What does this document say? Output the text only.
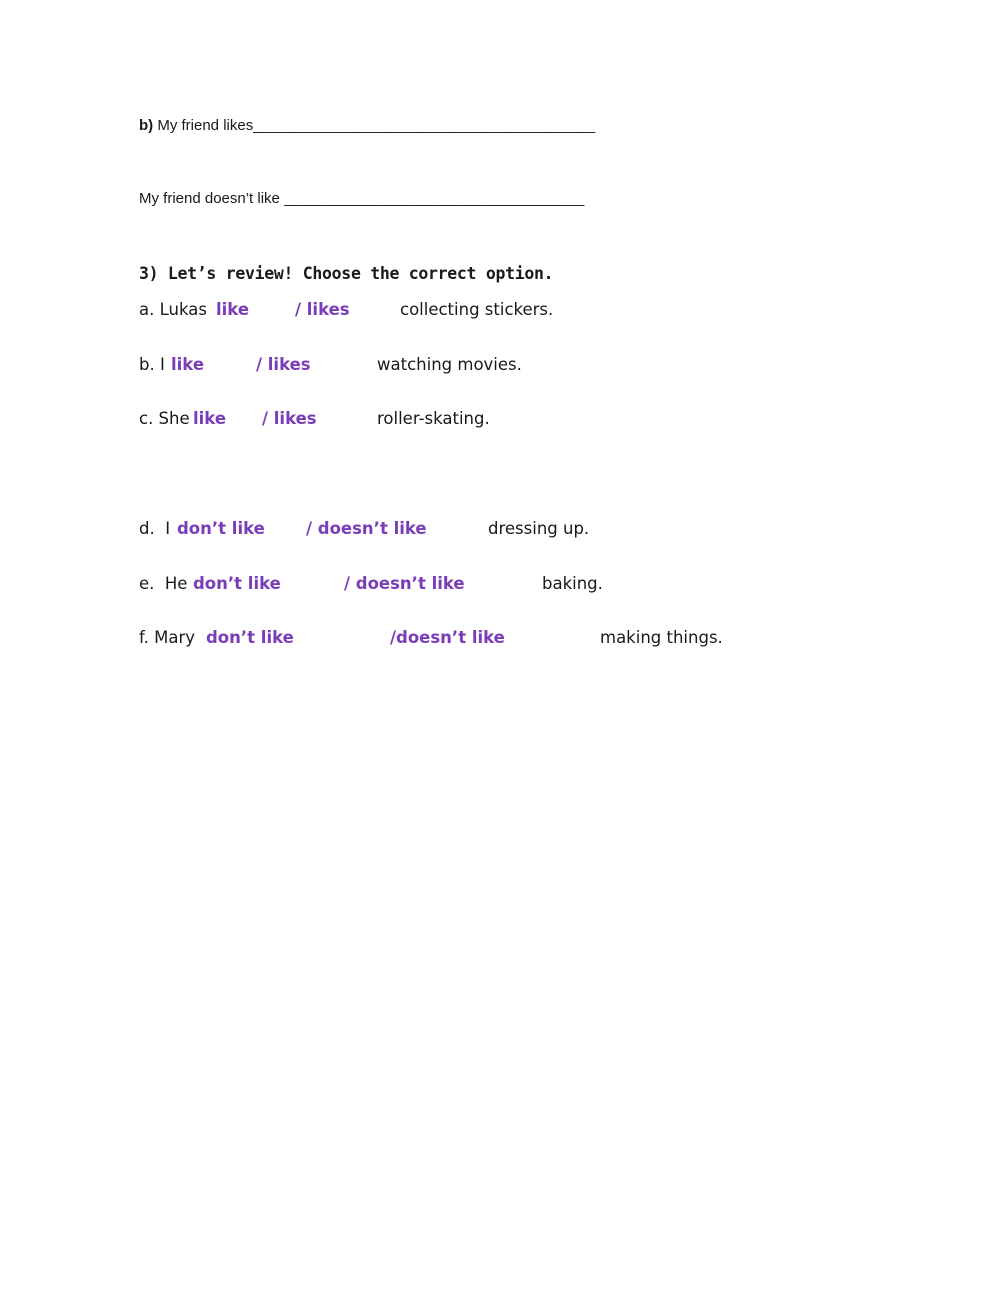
b) My friend likes_________________________________________
My friend doesn’t like ____________________________________
3) Let’s review! Choose the correct option.
a. Lukas like	/ likes	collecting stickers.
b. I like	/ likes	watching movies.
c. She like / likes	roller-skating.
d.  I don’t like / doesn’t like	dressing up.
e.  He don’t like	/ doesn’t like	baking.
f. Mary don’t like	/doesn’t like	making things.
